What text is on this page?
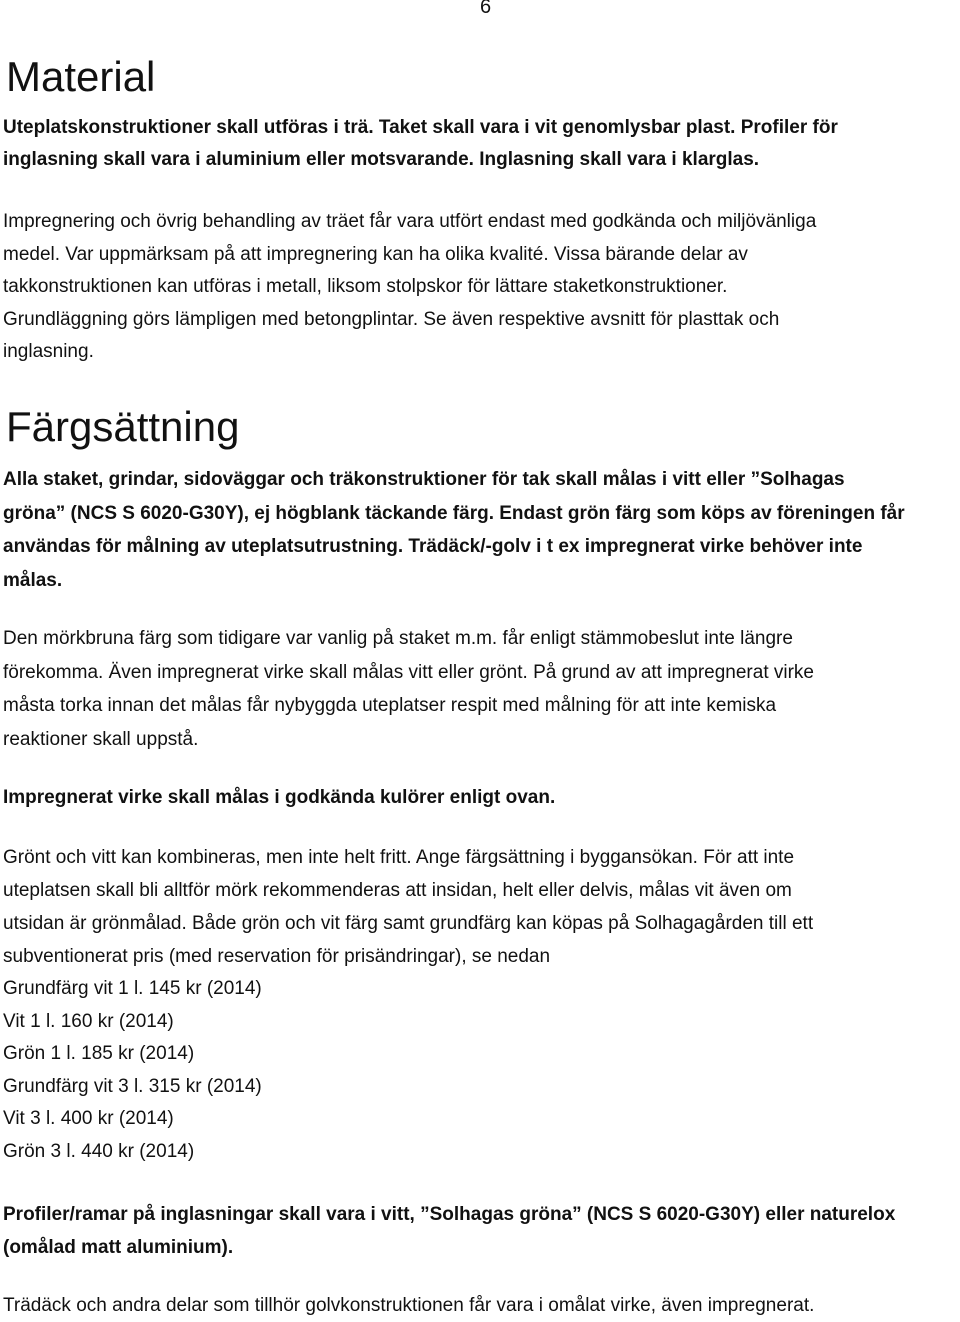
6
Material

Uteplatskonstruktioner skall utföras i trä. Taket skall vara i vit genomlysbar plast. Profiler för
inglasning skall vara i aluminium eller motsvarande. Inglasning skall vara i klarglas.

Impregnering och övrig behandling av träet får vara utfört endast med godkända och miljövänliga
medel. Var uppmärksam på att impregnering kan ha olika kvalité. Vissa bärande delar av
takkonstruktionen kan utföras i metall, liksom stolpskor för lättare staketkonstruktioner.
Grundläggning görs lämpligen med betongplintar. Se även respektive avsnitt för plasttak och
inglasning.

Färgsättning

Alla staket, grindar, sidoväggar och träkonstruktioner för tak skall målas i vitt eller ”Solhagas
gröna” (NCS S 6020-G30Y), ej högblank täckande färg. Endast grön färg som köps av föreningen får
användas för målning av uteplatsutrustning. Trädäck/-golv i t ex impregnerat virke behöver inte
målas.

Den mörkbruna färg som tidigare var vanlig på staket m.m. får enligt stämmobeslut inte längre
förekomma. Även impregnerat virke skall målas vitt eller grönt. På grund av att impregnerat virke
måsta torka innan det målas får nybyggda uteplatser respit med målning för att inte kemiska
reaktioner skall uppstå.

Impregnerat virke skall målas i godkända kulörer enligt ovan.

Grönt och vitt kan kombineras, men inte helt fritt. Ange färgsättning i byggansökan. För att inte
uteplatsen skall bli alltför mörk rekommenderas att insidan, helt eller delvis, målas vit även om
utsidan är grönmålad. Både grön och vit färg samt grundfärg kan köpas på Solhagagården till ett
subventionerat pris (med reservation för prisändringar), se nedan

Grundfärg vit 1 l. 145 kr (2014)
Vit 1 l. 160 kr (2014)
Grön 1 l. 185 kr (2014)
Grundfärg vit 3 l. 315 kr (2014)
Vit 3 l. 400 kr (2014)
Grön 3 l. 440 kr (2014)

Profiler/ramar på inglasningar skall vara i vitt, ”Solhagas gröna” (NCS S 6020-G30Y) eller naturelox
(omålad matt aluminium).

Trädäck och andra delar som tillhör golvkonstruktionen får vara i omålat virke, även impregnerat.
